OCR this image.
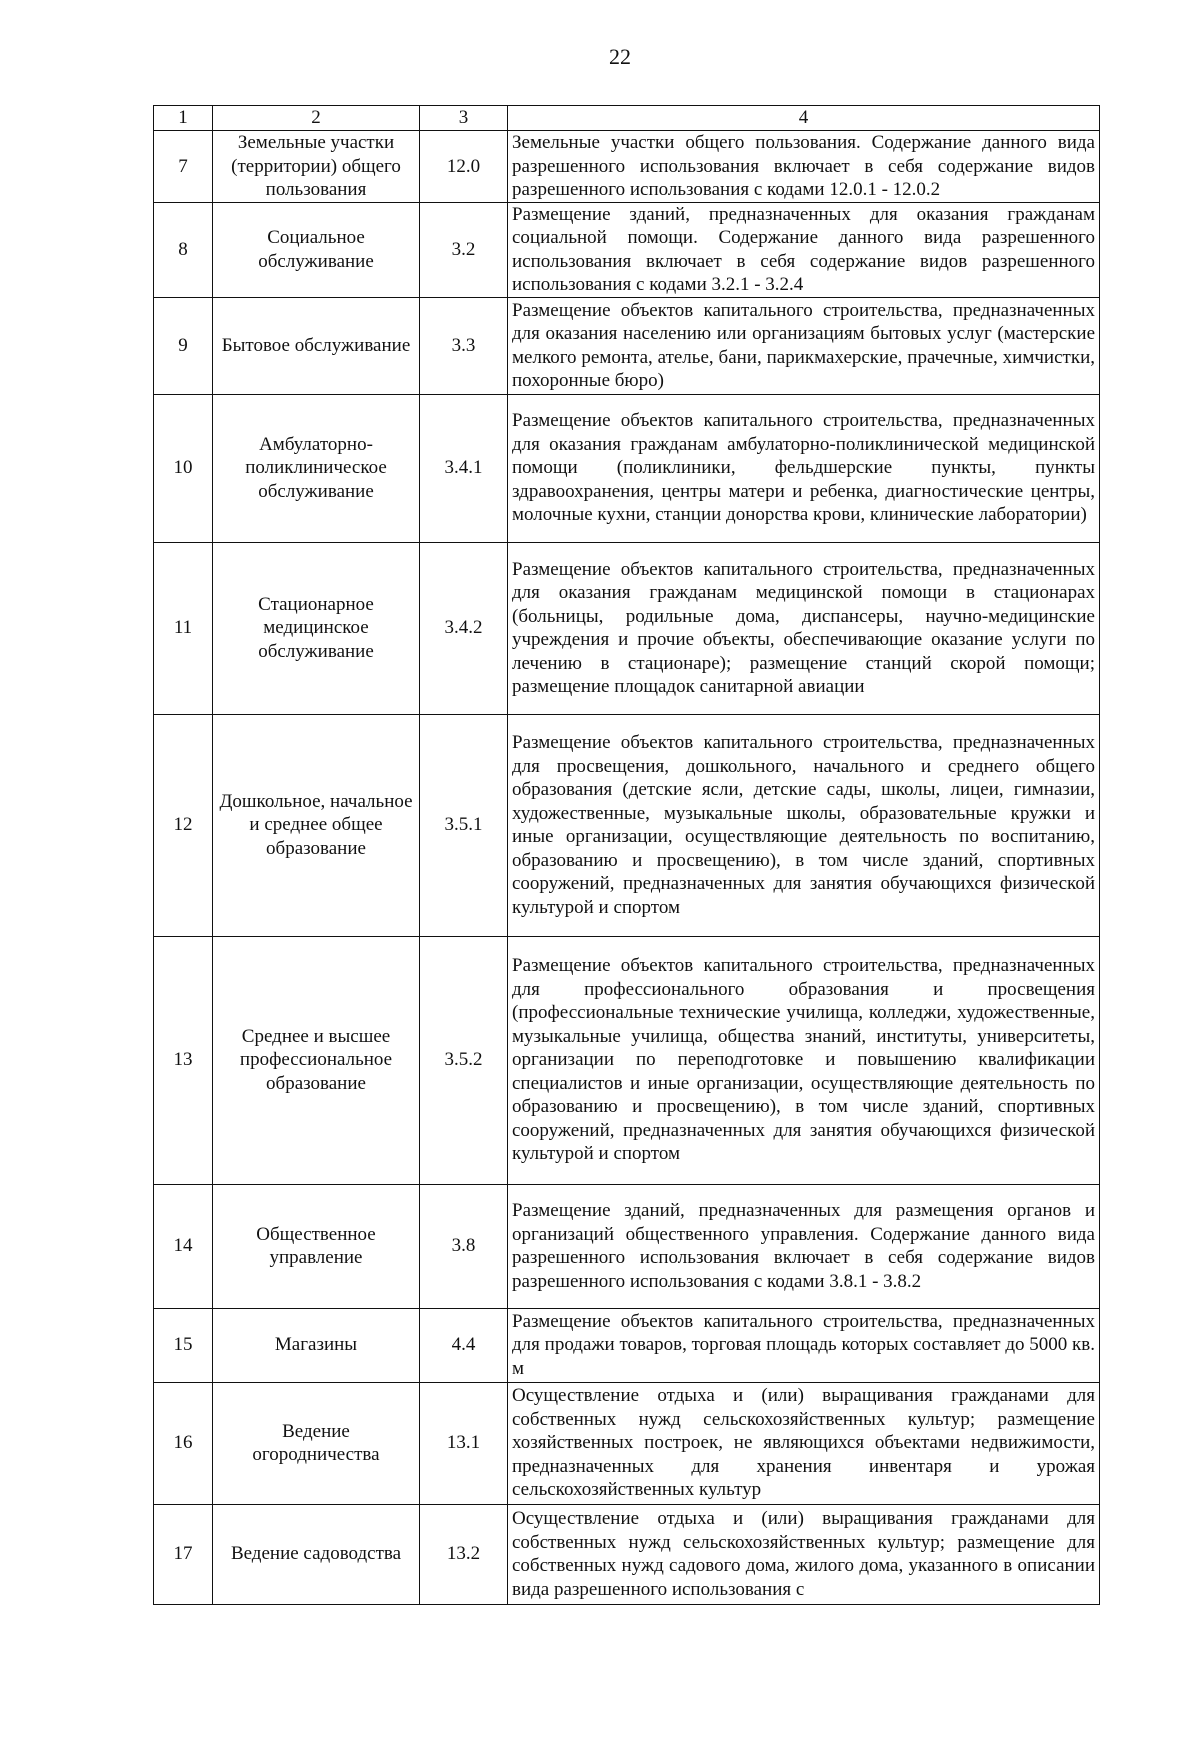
22
1	2	3	4
7	Земельные участки (территории) общего пользования	12.0	Земельные участки общего пользования. Содержание данного вида разрешенного использования включает в себя содержание видов разрешенного использования с кодами 12.0.1 - 12.0.2
8	Социальное обслуживание	3.2	Размещение зданий, предназначенных для оказания гражданам социальной помощи. Содержание данного вида разрешенного использования включает в себя содержание видов разрешенного использования с кодами 3.2.1 - 3.2.4
9	Бытовое обслуживание	3.3	Размещение объектов капитального строительства, предназначенных для оказания населению или организациям бытовых услуг (мастерские мелкого ремонта, ателье, бани, парикмахерские, прачечные, химчистки, похоронные бюро)
10	Амбулаторно-поликлиническое обслуживание	3.4.1	Размещение объектов капитального строительства, предназначенных для оказания гражданам амбулаторно-поликлинической медицинской помощи (поликлиники, фельдшерские пункты, пункты здравоохранения, центры матери и ребенка, диагностические центры, молочные кухни, станции донорства крови, клинические лаборатории)
11	Стационарное медицинское обслуживание	3.4.2	Размещение объектов капитального строительства, предназначенных для оказания гражданам медицинской помощи в стационарах (больницы, родильные дома, диспансеры, научно-медицинские учреждения и прочие объекты, обеспечивающие оказание услуги по лечению в стационаре); размещение станций скорой помощи; размещение площадок санитарной авиации
12	Дошкольное, начальное и среднее общее образование	3.5.1	Размещение объектов капитального строительства, предназначенных для просвещения, дошкольного, начального и среднего общего образования (детские ясли, детские сады, школы, лицеи, гимназии, художественные, музыкальные школы, образовательные кружки и иные организации, осуществляющие деятельность по воспитанию, образованию и просвещению), в том числе зданий, спортивных сооружений, предназначенных для занятия обучающихся физической культурой и спортом
13	Среднее и высшее профессиональное образование	3.5.2	Размещение объектов капитального строительства, предназначенных для профессионального образования и просвещения (профессиональные технические училища, колледжи, художественные, музыкальные училища, общества знаний, институты, университеты, организации по переподготовке и повышению квалификации специалистов и иные организации, осуществляющие деятельность по образованию и просвещению), в том числе зданий, спортивных сооружений, предназначенных для занятия обучающихся физической культурой и спортом
14	Общественное управление	3.8	Размещение зданий, предназначенных для размещения органов и организаций общественного управления. Содержание данного вида разрешенного использования включает в себя содержание видов разрешенного использования с кодами 3.8.1 - 3.8.2
15	Магазины	4.4	Размещение объектов капитального строительства, предназначенных для продажи товаров, торговая площадь которых составляет до 5000 кв. м
16	Ведение огородничества	13.1	Осуществление отдыха и (или) выращивания гражданами для собственных нужд сельскохозяйственных культур; размещение хозяйственных построек, не являющихся объектами недвижимости, предназначенных для хранения инвентаря и урожая сельскохозяйственных культур
17	Ведение садоводства	13.2	Осуществление отдыха и (или) выращивания гражданами для собственных нужд сельскохозяйственных культур; размещение для собственных нужд садового дома, жилого дома, указанного в описании вида разрешенного использования с
